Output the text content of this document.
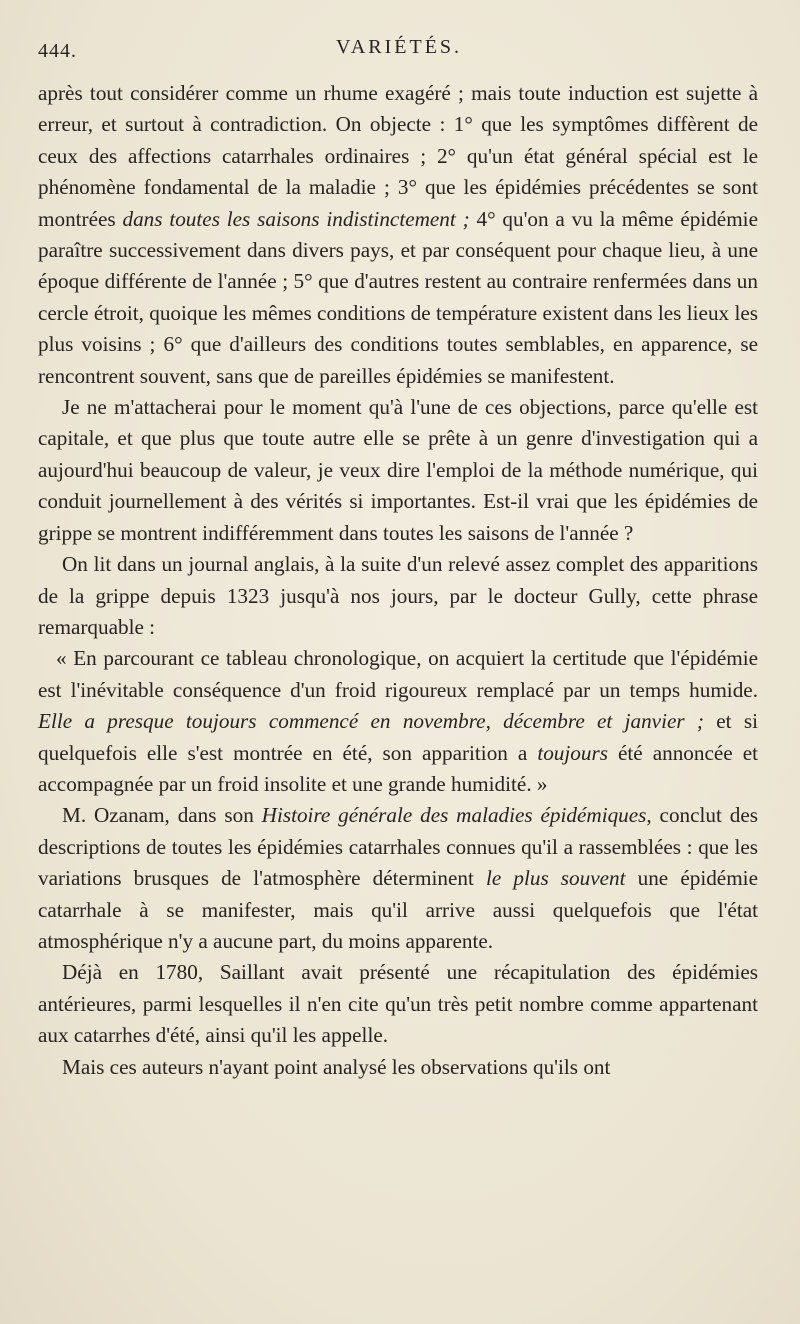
444.	VARIÉTÉS.

après tout considérer comme un rhume exagéré ; mais toute induction est sujette à erreur, et surtout à contradiction. On objecte : 1° que les symptômes diffèrent de ceux des affections catarrhales ordinaires ; 2° qu'un état général spécial est le phénomène fondamental de la maladie ; 3° que les épidémies précédentes se sont montrées dans toutes les saisons indistinctement ; 4° qu'on a vu la même épidémie paraître successivement dans divers pays, et par conséquent pour chaque lieu, à une époque différente de l'année ; 5° que d'autres restent au contraire renfermées dans un cercle étroit, quoique les mêmes conditions de température existent dans les lieux les plus voisins ; 6° que d'ailleurs des conditions toutes semblables, en apparence, se rencontrent souvent, sans que de pareilles épidémies se manifestent.

Je ne m'attacherai pour le moment qu'à l'une de ces objections, parce qu'elle est capitale, et que plus que toute autre elle se prête à un genre d'investigation qui a aujourd'hui beaucoup de valeur, je veux dire l'emploi de la méthode numérique, qui conduit journellement à des vérités si importantes. Est-il vrai que les épidémies de grippe se montrent indifféremment dans toutes les saisons de l'année ?

On lit dans un journal anglais, à la suite d'un relevé assez complet des apparitions de la grippe depuis 1323 jusqu'à nos jours, par le docteur Gully, cette phrase remarquable :

« En parcourant ce tableau chronologique, on acquiert la certitude que l'épidémie est l'inévitable conséquence d'un froid rigoureux remplacé par un temps humide. Elle a presque toujours commencé en novembre, décembre et janvier ; et si quelquefois elle s'est montrée en été, son apparition a toujours été annoncée et accompagnée par un froid insolite et une grande humidité. »

M. Ozanam, dans son Histoire générale des maladies épidémiques, conclut des descriptions de toutes les épidémies catarrhales connues qu'il a rassemblées : que les variations brusques de l'atmosphère déterminent le plus souvent une épidémie catarrhale à se manifester, mais qu'il arrive aussi quelquefois que l'état atmosphérique n'y a aucune part, du moins apparente.

Déjà en 1780, Saillant avait présenté une récapitulation des épidémies antérieures, parmi lesquelles il n'en cite qu'un très petit nombre comme appartenant aux catarrhes d'été, ainsi qu'il les appelle.

Mais ces auteurs n'ayant point analysé les observations qu'ils ont
